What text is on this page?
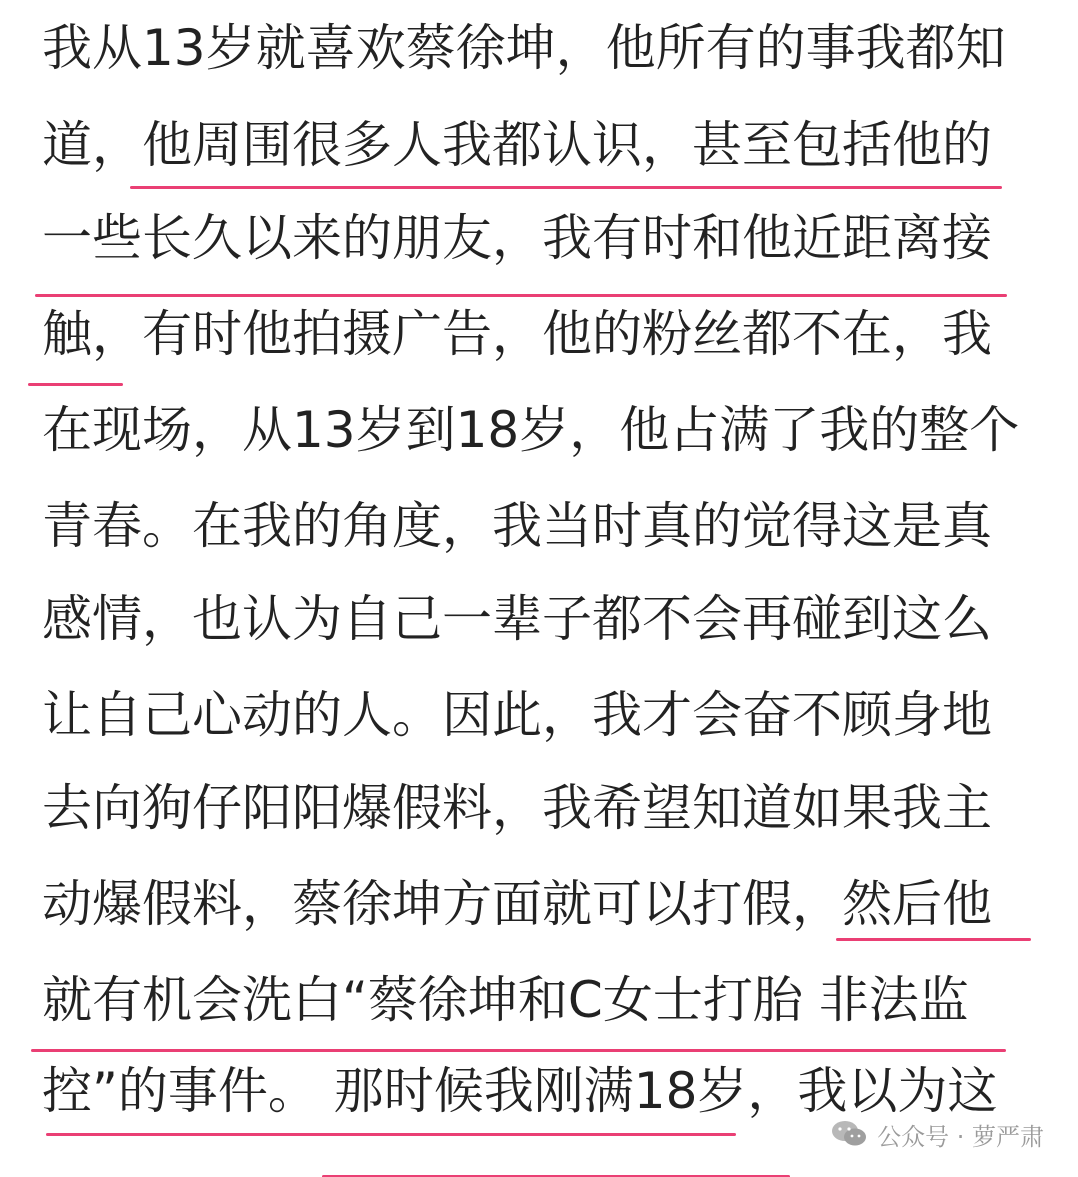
我从13岁就喜欢蔡徐坤，他所有的事我都知
道，他周围很多人我都认识，甚至包括他的
一些长久以来的朋友，我有时和他近距离接
触，有时他拍摄广告，他的粉丝都不在，我
在现场，从13岁到18岁，他占满了我的整个
青春。在我的角度，我当时真的觉得这是真
感情，也认为自己一辈子都不会再碰到这么
让自己心动的人。因此，我才会奋不顾身地
去向狗仔阳阳爆假料，我希望知道如果我主
动爆假料，蔡徐坤方面就可以打假，然后他
就有机会洗白“蔡徐坤和C女士打胎 非法监
控”的事件。 那时候我刚满18岁，我以为这
公众号 · 萝严肃
